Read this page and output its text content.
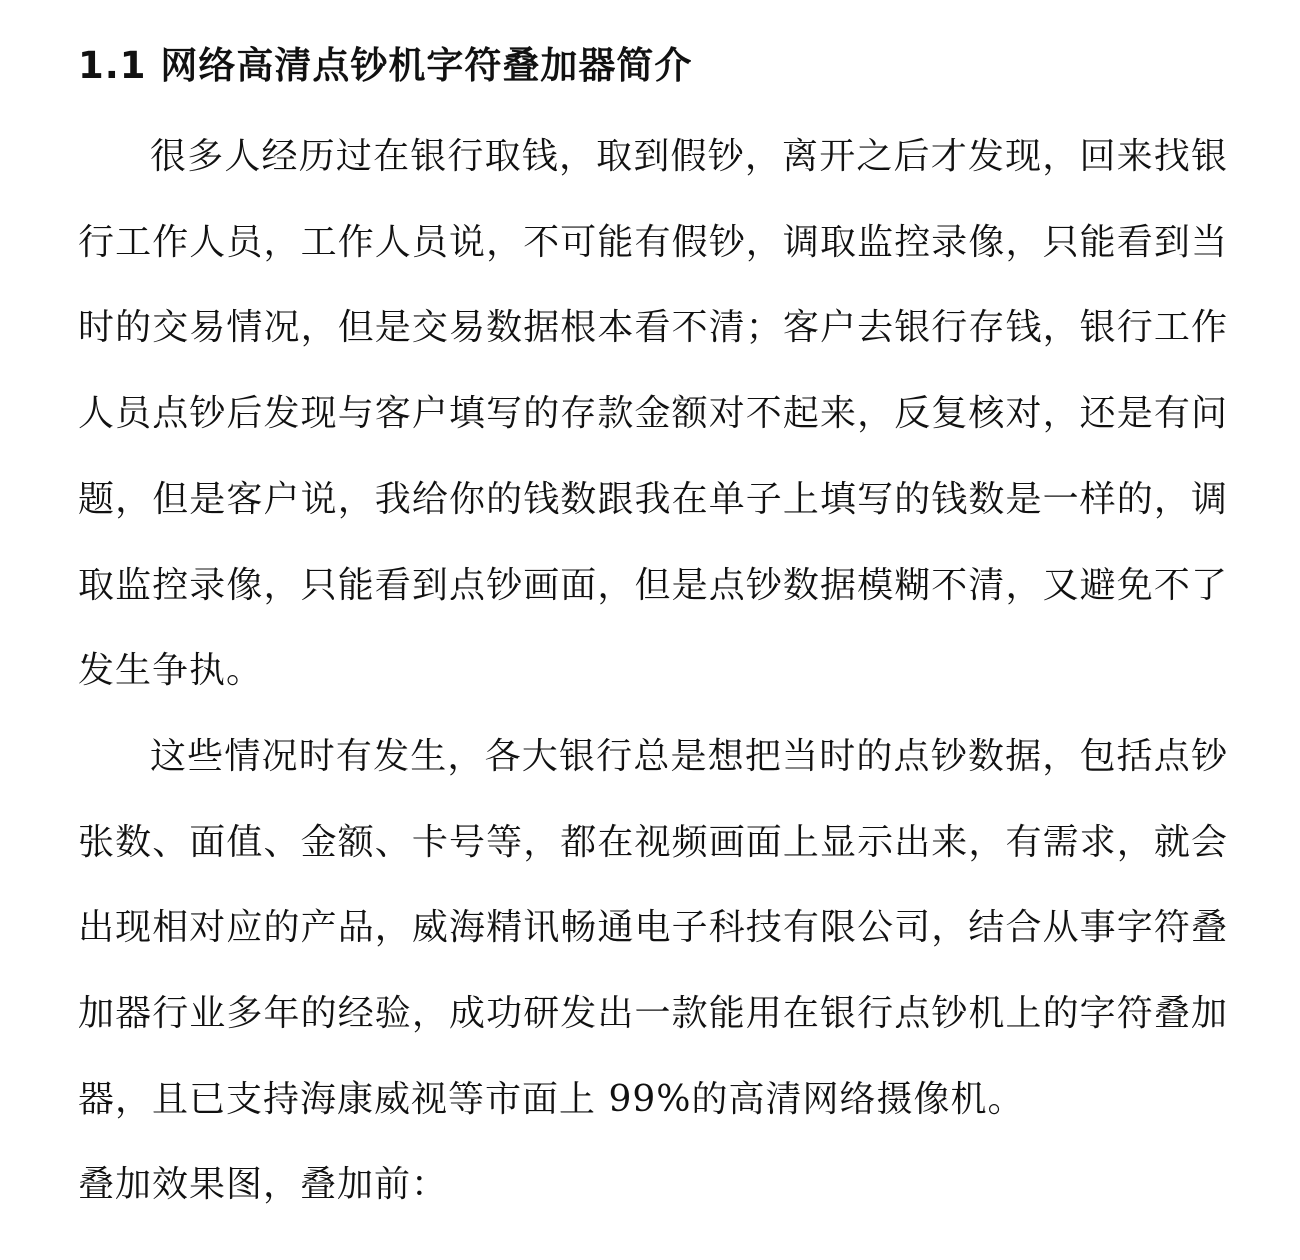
1.1 网络高清点钞机字符叠加器简介

很多人经历过在银行取钱，取到假钞，离开之后才发现，回来找银行工作人员，工作人员说，不可能有假钞，调取监控录像，只能看到当时的交易情况，但是交易数据根本看不清；客户去银行存钱，银行工作人员点钞后发现与客户填写的存款金额对不起来，反复核对，还是有问题，但是客户说，我给你的钱数跟我在单子上填写的钱数是一样的，调取监控录像，只能看到点钞画面，但是点钞数据模糊不清，又避免不了发生争执。

这些情况时有发生，各大银行总是想把当时的点钞数据，包括点钞张数、面值、金额、卡号等，都在视频画面上显示出来，有需求，就会出现相对应的产品，威海精讯畅通电子科技有限公司，结合从事字符叠加器行业多年的经验，成功研发出一款能用在银行点钞机上的字符叠加器，且已支持海康威视等市面上 99%的高清网络摄像机。

叠加效果图，叠加前：
